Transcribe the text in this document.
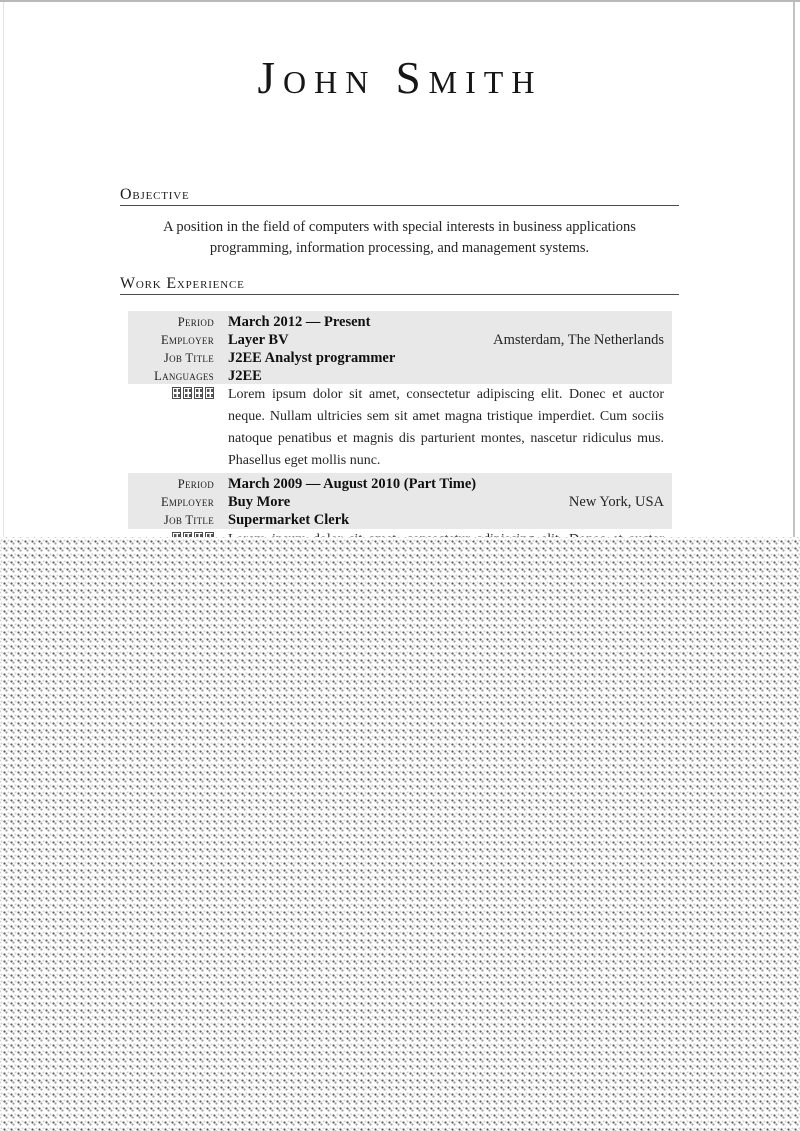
John Smith
Objective
A position in the field of computers with special interests in business applications
programming, information processing, and management systems.
Work Experience
Period March 2012 — Present
Employer Layer BV	Amsterdam, The Netherlands
Job Title J2EE Analyst programmer
Languages J2EE

Lorem ipsum dolor sit amet, consectetur adipiscing elit. Donec et auctor neque. Nullam ultricies sem sit amet magna tristique imperdiet. Cum sociis natoque penatibus et magnis dis parturient montes, nascetur ridiculus mus. Phasellus eget mollis nunc.

Period March 2009 — August 2010 (Part Time)
Employer Buy More	New York, USA
Job Title Supermarket Clerk
